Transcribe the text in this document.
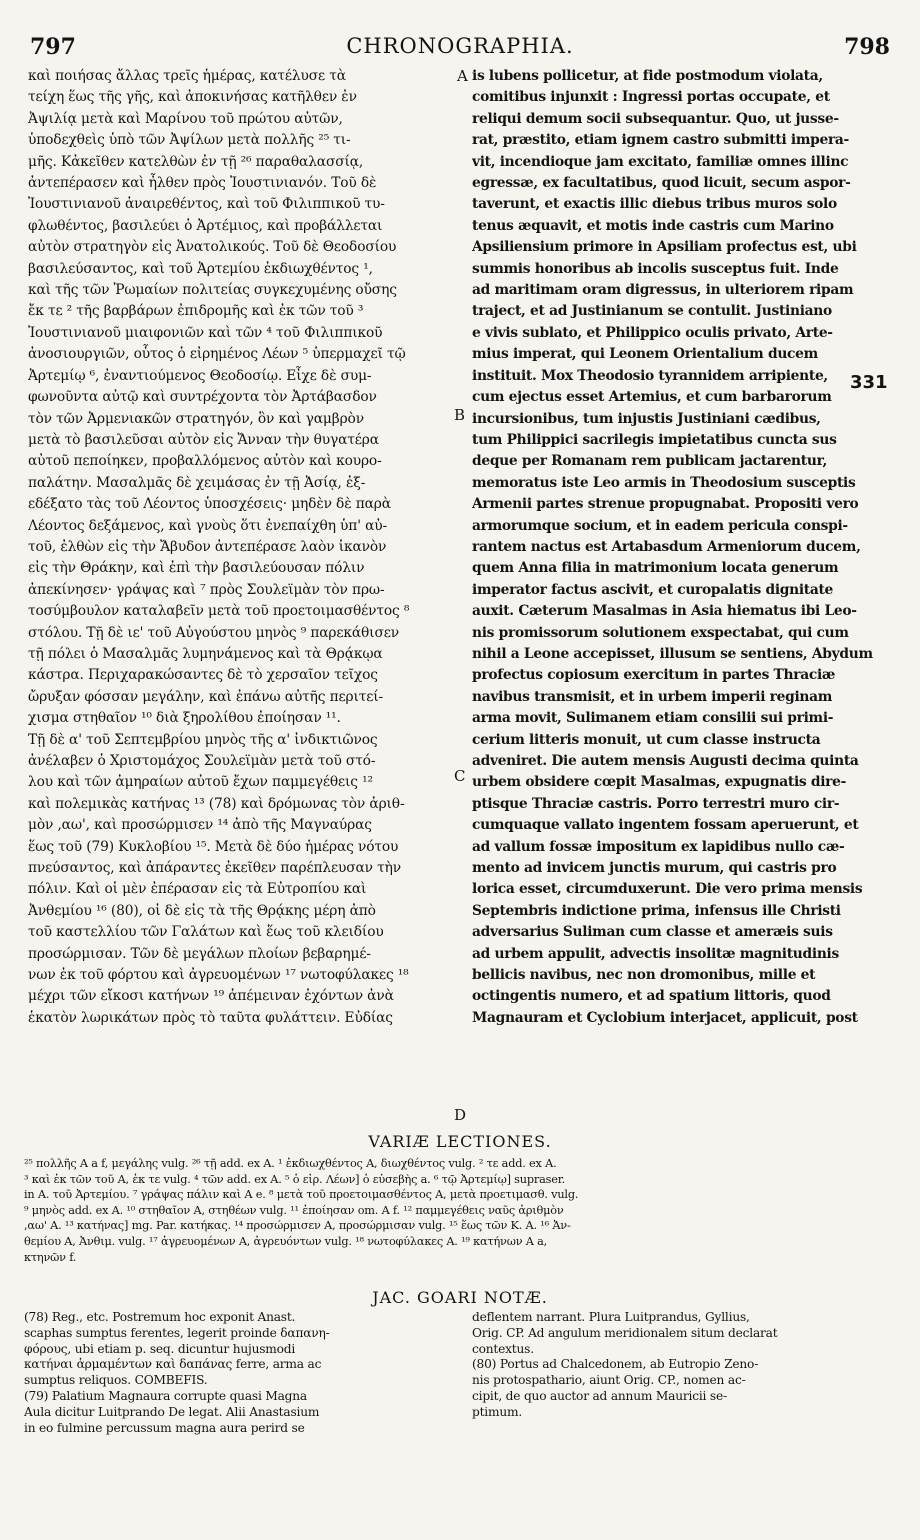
797	CHRONOGRAPHIA.	798
καὶ ποιήσας ἄλλας τρεῖς ἡμέρας, κατέλυσε τὰ
τείχη ἕως τῆς γῆς, καὶ ἀποκινήσας κατῆλθεν ἐν
Ἀψιλίᾳ μετὰ καὶ Μαρίνου τοῦ πρώτου αὐτῶν,
ὑποδεχθεὶς ὑπὸ τῶν Ἀψίλων μετὰ πολλῆς ²⁵ τι-
μῆς. Κἀκεῖθεν κατελθὼν ἐν τῇ ²⁶ παραθαλασσίᾳ,
ἀντεπέρασεν καὶ ἦλθεν πρὸς Ἰουστινιανόν. Τοῦ δὲ
Ἰουστινιανοῦ ἀναιρεθέντος, καὶ τοῦ Φιλιππικοῦ τυ-
φλωθέντος, βασιλεύει ὁ Ἀρτέμιος, καὶ προβάλλεται
αὐτὸν στρατηγὸν εἰς Ἀνατολικούς. Τοῦ δὲ Θεοδοσίου
βασιλεύσαντος, καὶ τοῦ Ἀρτεμίου ἐκδιωχθέντος ¹,
καὶ τῆς τῶν Ῥωμαίων πολιτείας συγκεχυμένης οὔσης
ἔκ τε ² τῆς βαρβάρων ἐπιδρομῆς καὶ ἐκ τῶν τοῦ ³
Ἰουστινιανοῦ μιαιφονιῶν καὶ τῶν ⁴ τοῦ Φιλιππικοῦ
ἀνοσιουργιῶν, οὗτος ὁ εἰρημένος Λέων ⁵ ὑπερμαχεῖ τῷ
Ἀρτεμίῳ ⁶, ἐναντιούμενος Θεοδοσίῳ. Εἶχε δὲ συμ-
φωνοῦντα αὐτῷ καὶ συντρέχοντα τὸν Ἀρτάβασδον
τὸν τῶν Ἀρμενιακῶν στρατηγόν, ὃν καὶ γαμβρὸν
μετὰ τὸ βασιλεῦσαι αὐτὸν εἰς Ἄνναν τὴν θυγατέρα
αὐτοῦ πεποίηκεν, προβαλλόμενος αὐτὸν καὶ κουρο-
παλάτην. Μασαλμᾶς δὲ χειμάσας ἐν τῇ Ἀσίᾳ, ἐξ-
εδέξατο τὰς τοῦ Λέοντος ὑποσχέσεις· μηδὲν δὲ παρὰ
Λέοντος δεξάμενος, καὶ γνοὺς ὅτι ἐνεπαίχθη ὑπ' αὐ-
τοῦ, ἐλθὼν εἰς τὴν Ἄβυδον ἀντεπέρασε λαὸν ἱκανὸν
εἰς τὴν Θράκην, καὶ ἐπὶ τὴν βασιλεύουσαν πόλιν
ἀπεκίνησεν· γράψας καὶ ⁷ πρὸς Σουλεϊμὰν τὸν πρω-
τοσύμβουλον καταλαβεῖν μετὰ τοῦ προετοιμασθέντος ⁸
στόλου. Τῇ δὲ ιε' τοῦ Αὐγούστου μηνὸς ⁹ παρεκάθισεν
τῇ πόλει ὁ Μασαλμᾶς λυμηνάμενος καὶ τὰ Θρᾴκῳα
κάστρα. Περιχαρακώσαντες δὲ τὸ χερσαῖον τεῖχος
ὤρυξαν φόσσαν μεγάλην, καὶ ἐπάνω αὐτῆς περιτεί-
χισμα στηθαῖον ¹⁰ διὰ ξηρολίθου ἐποίησαν ¹¹.
Τῇ δὲ α' τοῦ Σεπτεμβρίου μηνὸς τῆς α' ἰνδικτιῶνος
ἀνέλαβεν ὁ Χριστομάχος Σουλεϊμὰν μετὰ τοῦ στό-
λου καὶ τῶν ἀμηραίων αὐτοῦ ἔχων παμμεγέθεις ¹²
καὶ πολεμικὰς κατήνας ¹³ (78) καὶ δρόμωνας τὸν ἀριθ-
μὸν ,αω', καὶ προσώρμισεν ¹⁴ ἀπὸ τῆς Μαγναύρας
ἕως τοῦ (79) Κυκλοβίου ¹⁵. Μετὰ δὲ δύο ἡμέρας νότου
πνεύσαντος, καὶ ἀπάραντες ἐκεῖθεν παρέπλευσαν τὴν
πόλιν. Καὶ οἱ μὲν ἐπέρασαν εἰς τὰ Εὐτροπίου καὶ
Ἀνθεμίου ¹⁶ (80), οἱ δὲ εἰς τὰ τῆς Θρᾴκης μέρη ἀπὸ
τοῦ καστελλίου τῶν Γαλάτων καὶ ἕως τοῦ κλειδίου
προσώρμισαν. Τῶν δὲ μεγάλων πλοίων βεβαρημέ-
νων ἐκ τοῦ φόρτου καὶ ἀγρευομένων ¹⁷ νωτοφύλακες ¹⁸
μέχρι τῶν εἴκοσι κατήνων ¹⁹ ἀπέμειναν ἐχόντων ἀνὰ
ἑκατὸν λωρικάτων πρὸς τὸ ταῦτα φυλάττειν. Εὐδίας
is lubens pollicetur, at fide postmodum violata,
comitibus injunxit : Ingressi portas occupate, et
reliqui demum socii subsequantur. Quo, ut jusse-
rat, præstito, etiam ignem castro submitti impera-
vit, incendioque jam excitato, familiæ omnes illinc
egressæ, ex facultatibus, quod licuit, secum aspor-
taverunt, et exactis illic diebus tribus muros solo
tenus æquavit, et motis inde castris cum Marino
Apsiliensium primore in Apsiliam profectus est, ubi
summis honoribus ab incolis susceptus fuit. Inde
ad maritimam oram digressus, in ulteriorem ripam
traject, et ad Justinianum se contulit. Justiniano
e vivis sublato, et Philippico oculis privato, Arte-
mius imperat, qui Leonem Orientalium ducem
instituit. Mox Theodosio tyrannidem arripiente,
cum ejectus esset Artemius, et cum barbarorum
incursionibus, tum injustis Justiniani cædibus,
tum Philippici sacrilegis impietatibus cuncta sus
deque per Romanam rem publicam jactarentur,
memoratus iste Leo armis in Theodosium susceptis
Armenii partes strenue propugnabat. Propositi vero
armorumque socium, et in eadem pericula conspi-
rantem nactus est Artabasdum Armeniorum ducem,
quem Anna filia in matrimonium locata generum
imperator factus ascivit, et curopalatis dignitate
auxit. Cæterum Masalmas in Asia hiematus ibi Leo-
nis promissorum solutionem exspectabat, qui cum
nihil a Leone accepisset, illusum se sentiens, Abydum
profectus copiosum exercitum in partes Thraciæ
navibus transmisit, et in urbem imperii reginam
arma movit, Sulimanem etiam consilii sui primi-
cerium litteris monuit, ut cum classe instructa
adveniret. Die autem mensis Augusti decima quinta
urbem obsidere cœpit Masalmas, expugnatis dire-
ptisque Thraciæ castris. Porro terrestri muro cir-
cumquaque vallato ingentem fossam aperuerunt, et
ad vallum fossæ impositum ex lapidibus nullo cæ-
mento ad invicem junctis murum, qui castris pro
lorica esset, circumduxerunt. Die vero prima mensis
Septembris indictione prima, infensus ille Christi
adversarius Suliman cum classe et ameræis suis
ad urbem appulit, advectis insolitæ magnitudinis
bellicis navibus, nec non dromonibus, mille et
octingentis numero, et ad spatium littoris, quod
Magnauram et Cyclobium interjacet, applicuit, post
A
B
C
D
331
VARIÆ LECTIONES.
²⁵ πολλῆς A a f, μεγάλης vulg. ²⁶ τῇ add. ex A. ¹ ἐκδιωχθέντος A, διωχθέντος vulg. ² τε add. ex A.
³ καὶ ἐκ τῶν τοῦ A, ἐκ τε vulg. ⁴ τῶν add. ex A. ⁵ ὁ εἰρ. Λέων] ὁ εὐσεβὴς a. ⁶ τῷ Ἀρτεμίῳ] supraser.
in A. τοῦ Ἀρτεμίου. ⁷ γράψας πάλιν καὶ A e. ⁸ μετὰ τοῦ προετοιμασθέντος A, μετὰ προετιμασθ. vulg.
⁹ μηνὸς add. ex A. ¹⁰ στηθαῖον A, στηθέων vulg. ¹¹ ἐποίησαν om. A f. ¹² παμμεγέθεις ναῦς ἀριθμὸν
,αω' A. ¹³ κατήνας] mg. Par. κατήκας. ¹⁴ προσώρμισεν A, προσώρμισαν vulg. ¹⁵ ἕως τῶν K. A. ¹⁶ Ἀν-
θεμίου A, Ἀνθιμ. vulg. ¹⁷ ἀγρευομένων A, ἀγρευόντων vulg. ¹⁸ νωτοφύλακες A. ¹⁹ κατήνων A a,
κτηνῶν f.
JAC. GOARI NOTÆ.
(78) Reg., etc. Postremum hoc exponit Anast.
scaphas sumptus ferentes, legerit proinde δαπανη-
φόρους, ubi etiam p. seq. dicuntur hujusmodi
κατήναι ἁρμαμέντων καὶ δαπάνας ferre, arma ac
sumptus reliquos. COMBEFIS.
(79) Palatium Magnaura corrupte quasi Magna
Aula dicitur Luitprando De legat. Alii Anastasium
in eo fulmine percussum magna aura perird se
deflentem narrant. Plura Luitprandus, Gyllius,
Orig. CP. Ad angulum meridionalem situm declarat
contextus.
(80) Portus ad Chalcedonem, ab Eutropio Zeno-
nis protospathario, aiunt Orig. CP., nomen ac-
cipit, de quo auctor ad annum Mauricii se-
ptimum.
